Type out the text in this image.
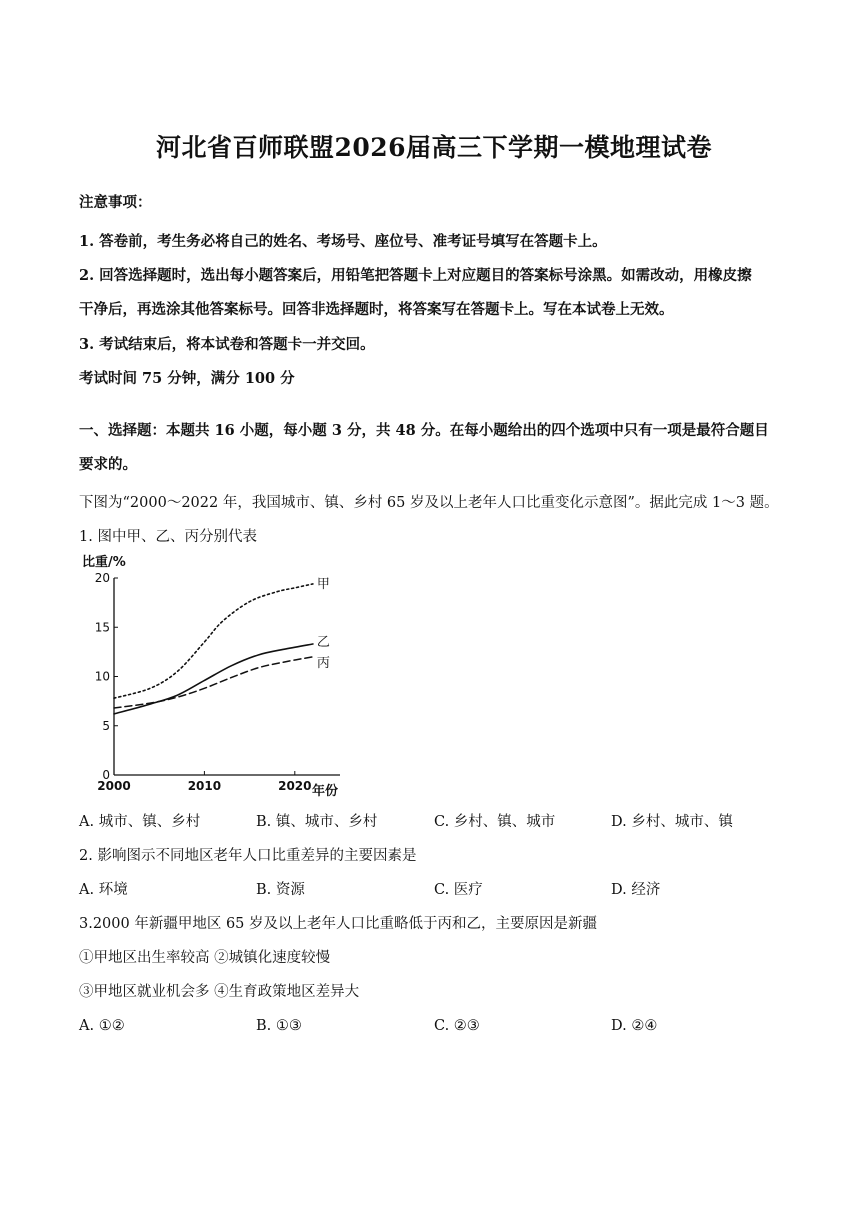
河北省百师联盟2026届高三下学期一模地理试卷
注意事项：
1. 答卷前，考生务必将自己的姓名、考场号、座位号、准考证号填写在答题卡上。
2. 回答选择题时，选出每小题答案后，用铅笔把答题卡上对应题目的答案标号涂黑。如需改动，用橡皮擦
干净后，再选涂其他答案标号。回答非选择题时，将答案写在答题卡上。写在本试卷上无效。
3. 考试结束后，将本试卷和答题卡一并交回。
考试时间 75 分钟，满分 100 分
一、选择题：本题共 16 小题，每小题 3 分，共 48 分。在每小题给出的四个选项中只有一项是最符合题目
要求的。
下图为“2000～2022 年，我国城市、镇、乡村 65 岁及以上老年人口比重变化示意图”。据此完成 1～3 题。
1. 图中甲、乙、丙分别代表
0
5
10
15
20
2000	2010	2020
比重/%
年份
甲
乙
丙
A. 城市、镇、乡村	B. 镇、城市、乡村	C. 乡村、镇、城市	D. 乡村、城市、镇
2. 影响图示不同地区老年人口比重差异的主要因素是
A. 环境	B. 资源	C. 医疗	D. 经济
3.2000 年新疆甲地区 65 岁及以上老年人口比重略低于丙和乙，主要原因是新疆
①甲地区出生率较高 ②城镇化速度较慢
③甲地区就业机会多 ④生育政策地区差异大
A. ①②	B. ①③	C. ②③	D. ②④
